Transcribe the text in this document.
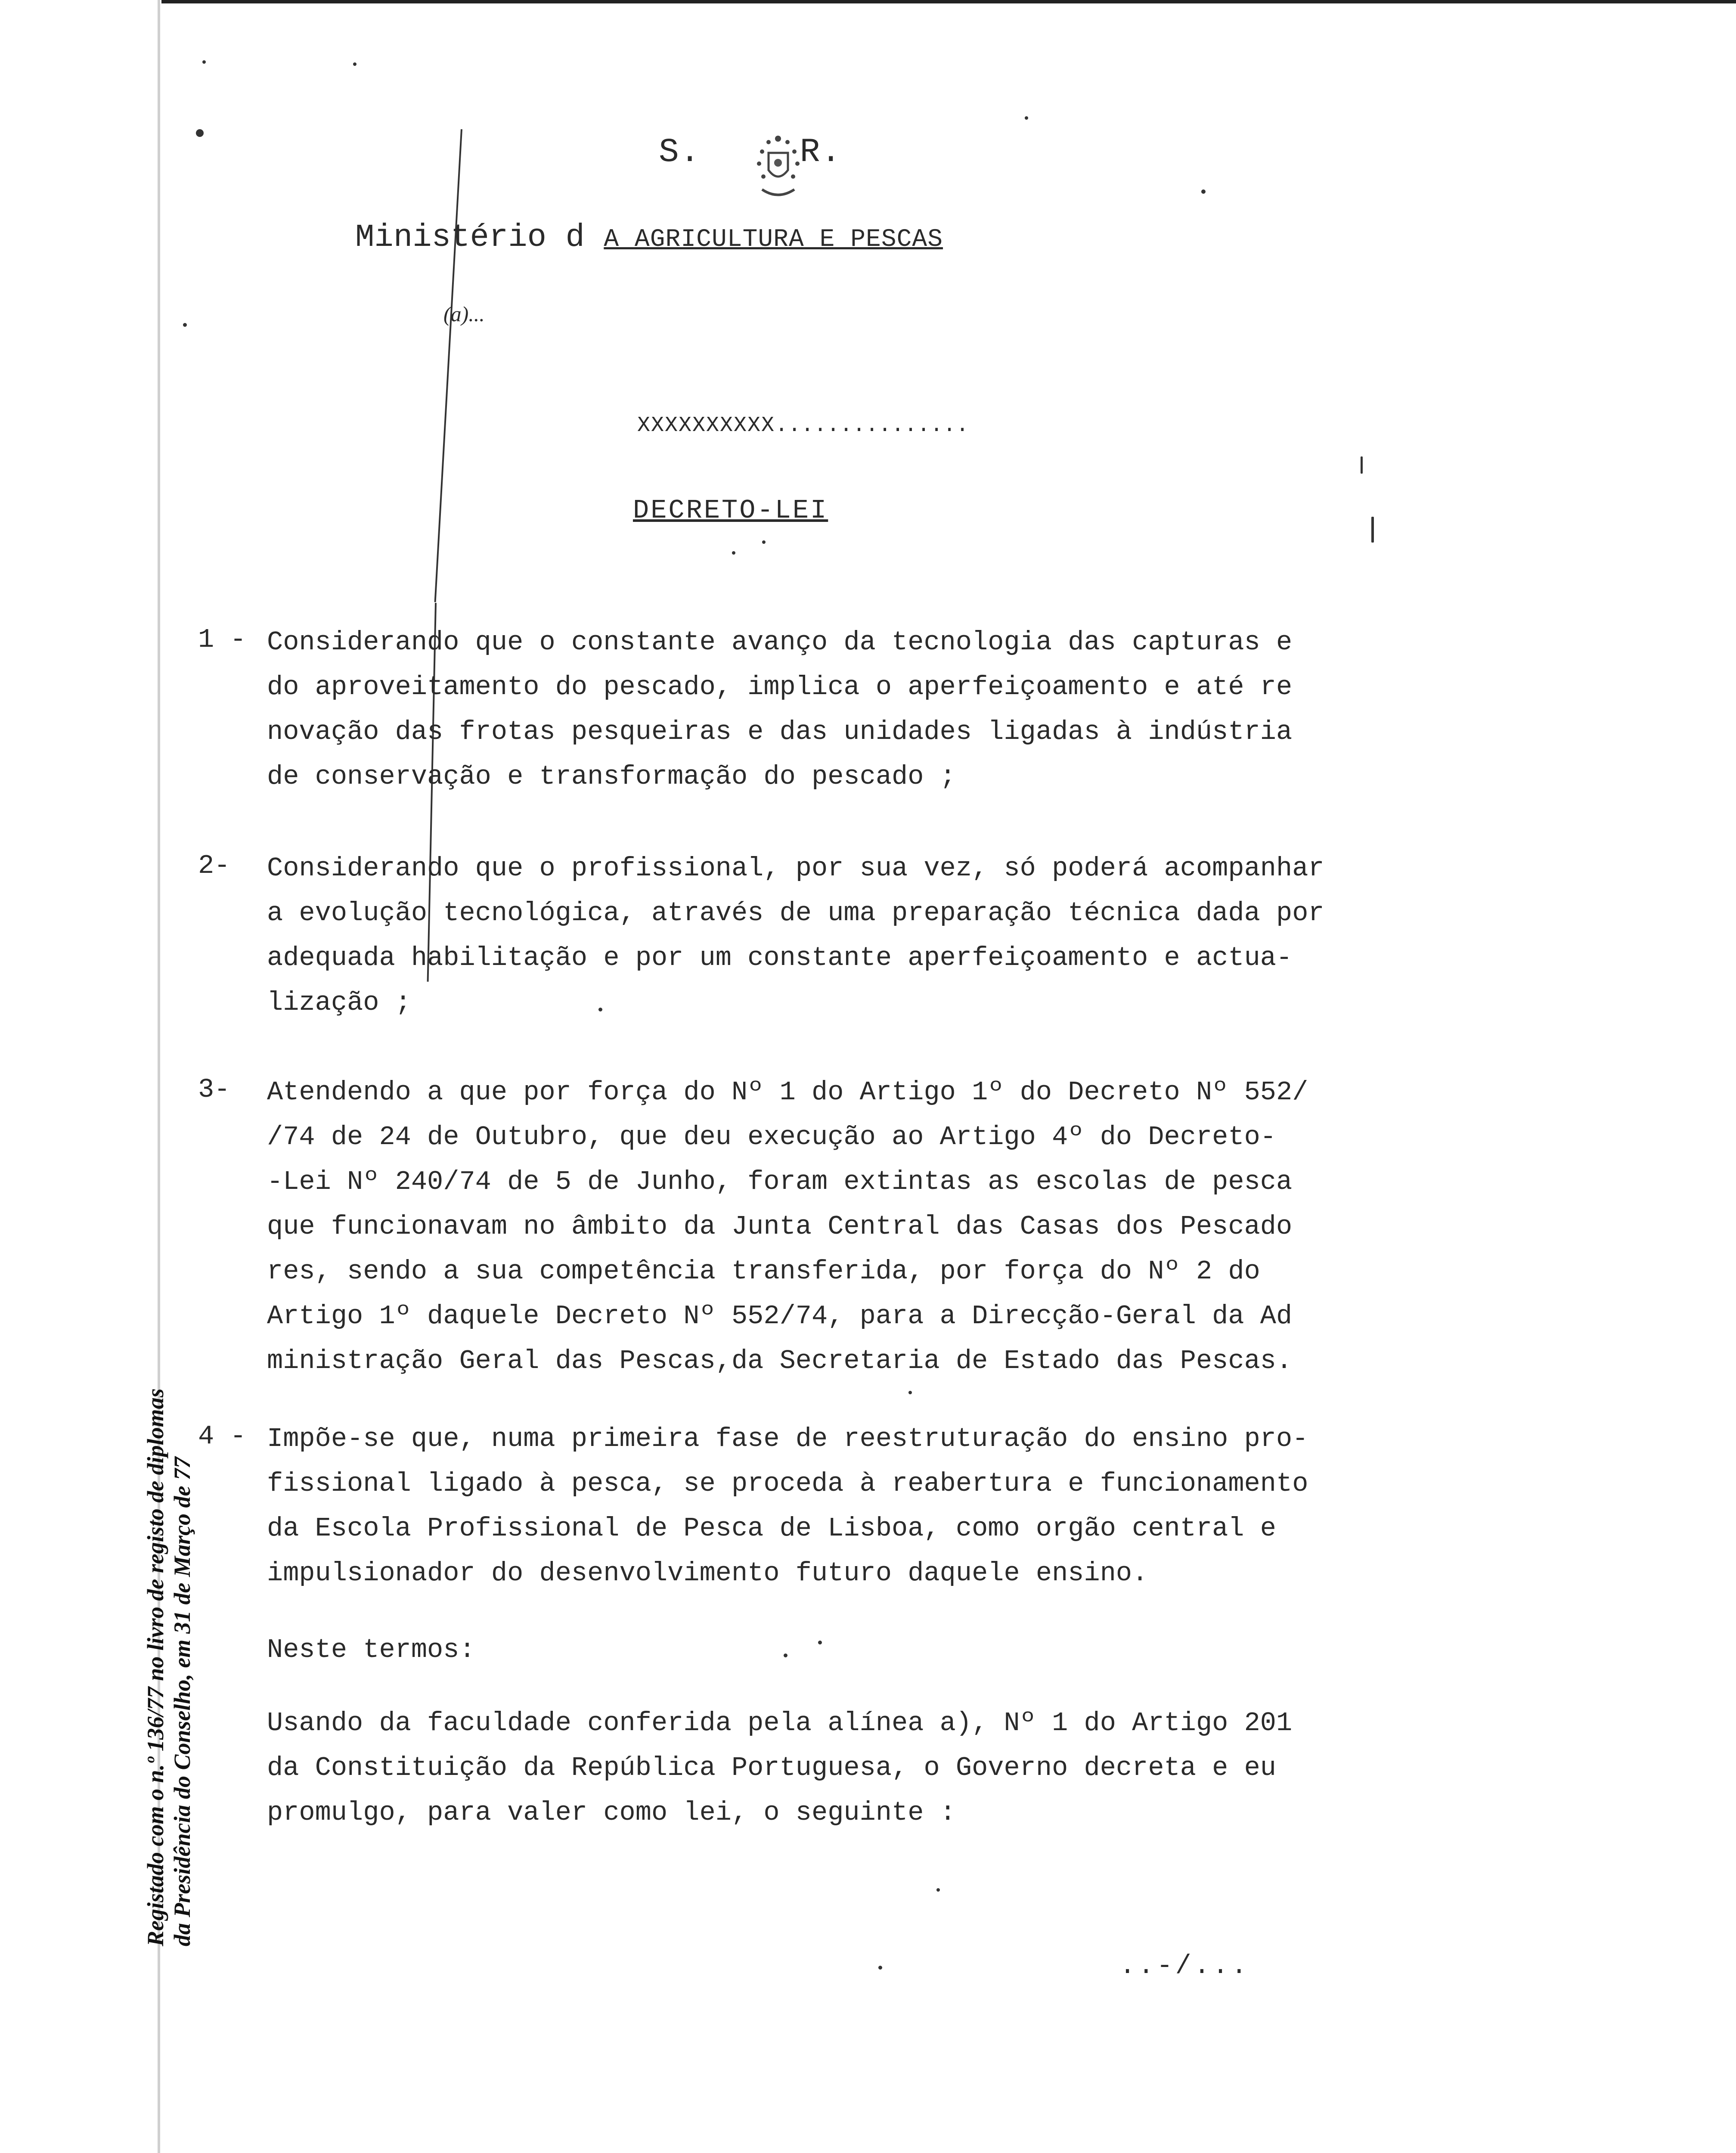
S.	R.
Ministério d A AGRICULTURA E PESCAS
(a)...
XXXXXXXXXX...............
DECRETO-LEI
1 -
2-
3-
4 -

Considerando que o constante avanço da tecnologia das capturas e

do aproveitamento do pescado, implica o aperfeiçoamento e até re

novação das frotas pesqueiras e das unidades ligadas à indústria

de conservação e transformação do pescado ;

Considerando que o profissional, por sua vez, só poderá acompanhar

a evolução tecnológica, através de uma preparação técnica dada por

adequada habilitação e por um constante aperfeiçoamento e actua-

lização ;

Atendendo a que por força do Nº 1 do Artigo 1º do Decreto Nº 552/

/74 de 24 de Outubro, que deu execução ao Artigo 4º do Decreto-

-Lei Nº 240/74 de 5 de Junho, foram extintas as escolas de pesca

que funcionavam no âmbito da Junta Central das Casas dos Pescado

res, sendo a sua competência transferida, por força do Nº 2 do

Artigo 1º daquele Decreto Nº 552/74, para a Direcção-Geral da Ad

ministração Geral das Pescas,da Secretaria de Estado das Pescas.

Impõe-se que, numa primeira fase de reestruturação do ensino pro-

fissional ligado à pesca, se proceda à reabertura e funcionamento

da Escola Profissional de Pesca de Lisboa, como orgão central e

impulsionador do desenvolvimento futuro daquele ensino.

Neste termos:

Usando da faculdade conferida pela alínea a), Nº 1 do Artigo 201

da Constituição da República Portuguesa, o Governo decreta e eu

promulgo, para valer como lei, o seguinte :

..-/...
Registado com o n.º 136/77 no livro de registo de diplomas da Presidência do Conselho, em 31 de Março de 77
